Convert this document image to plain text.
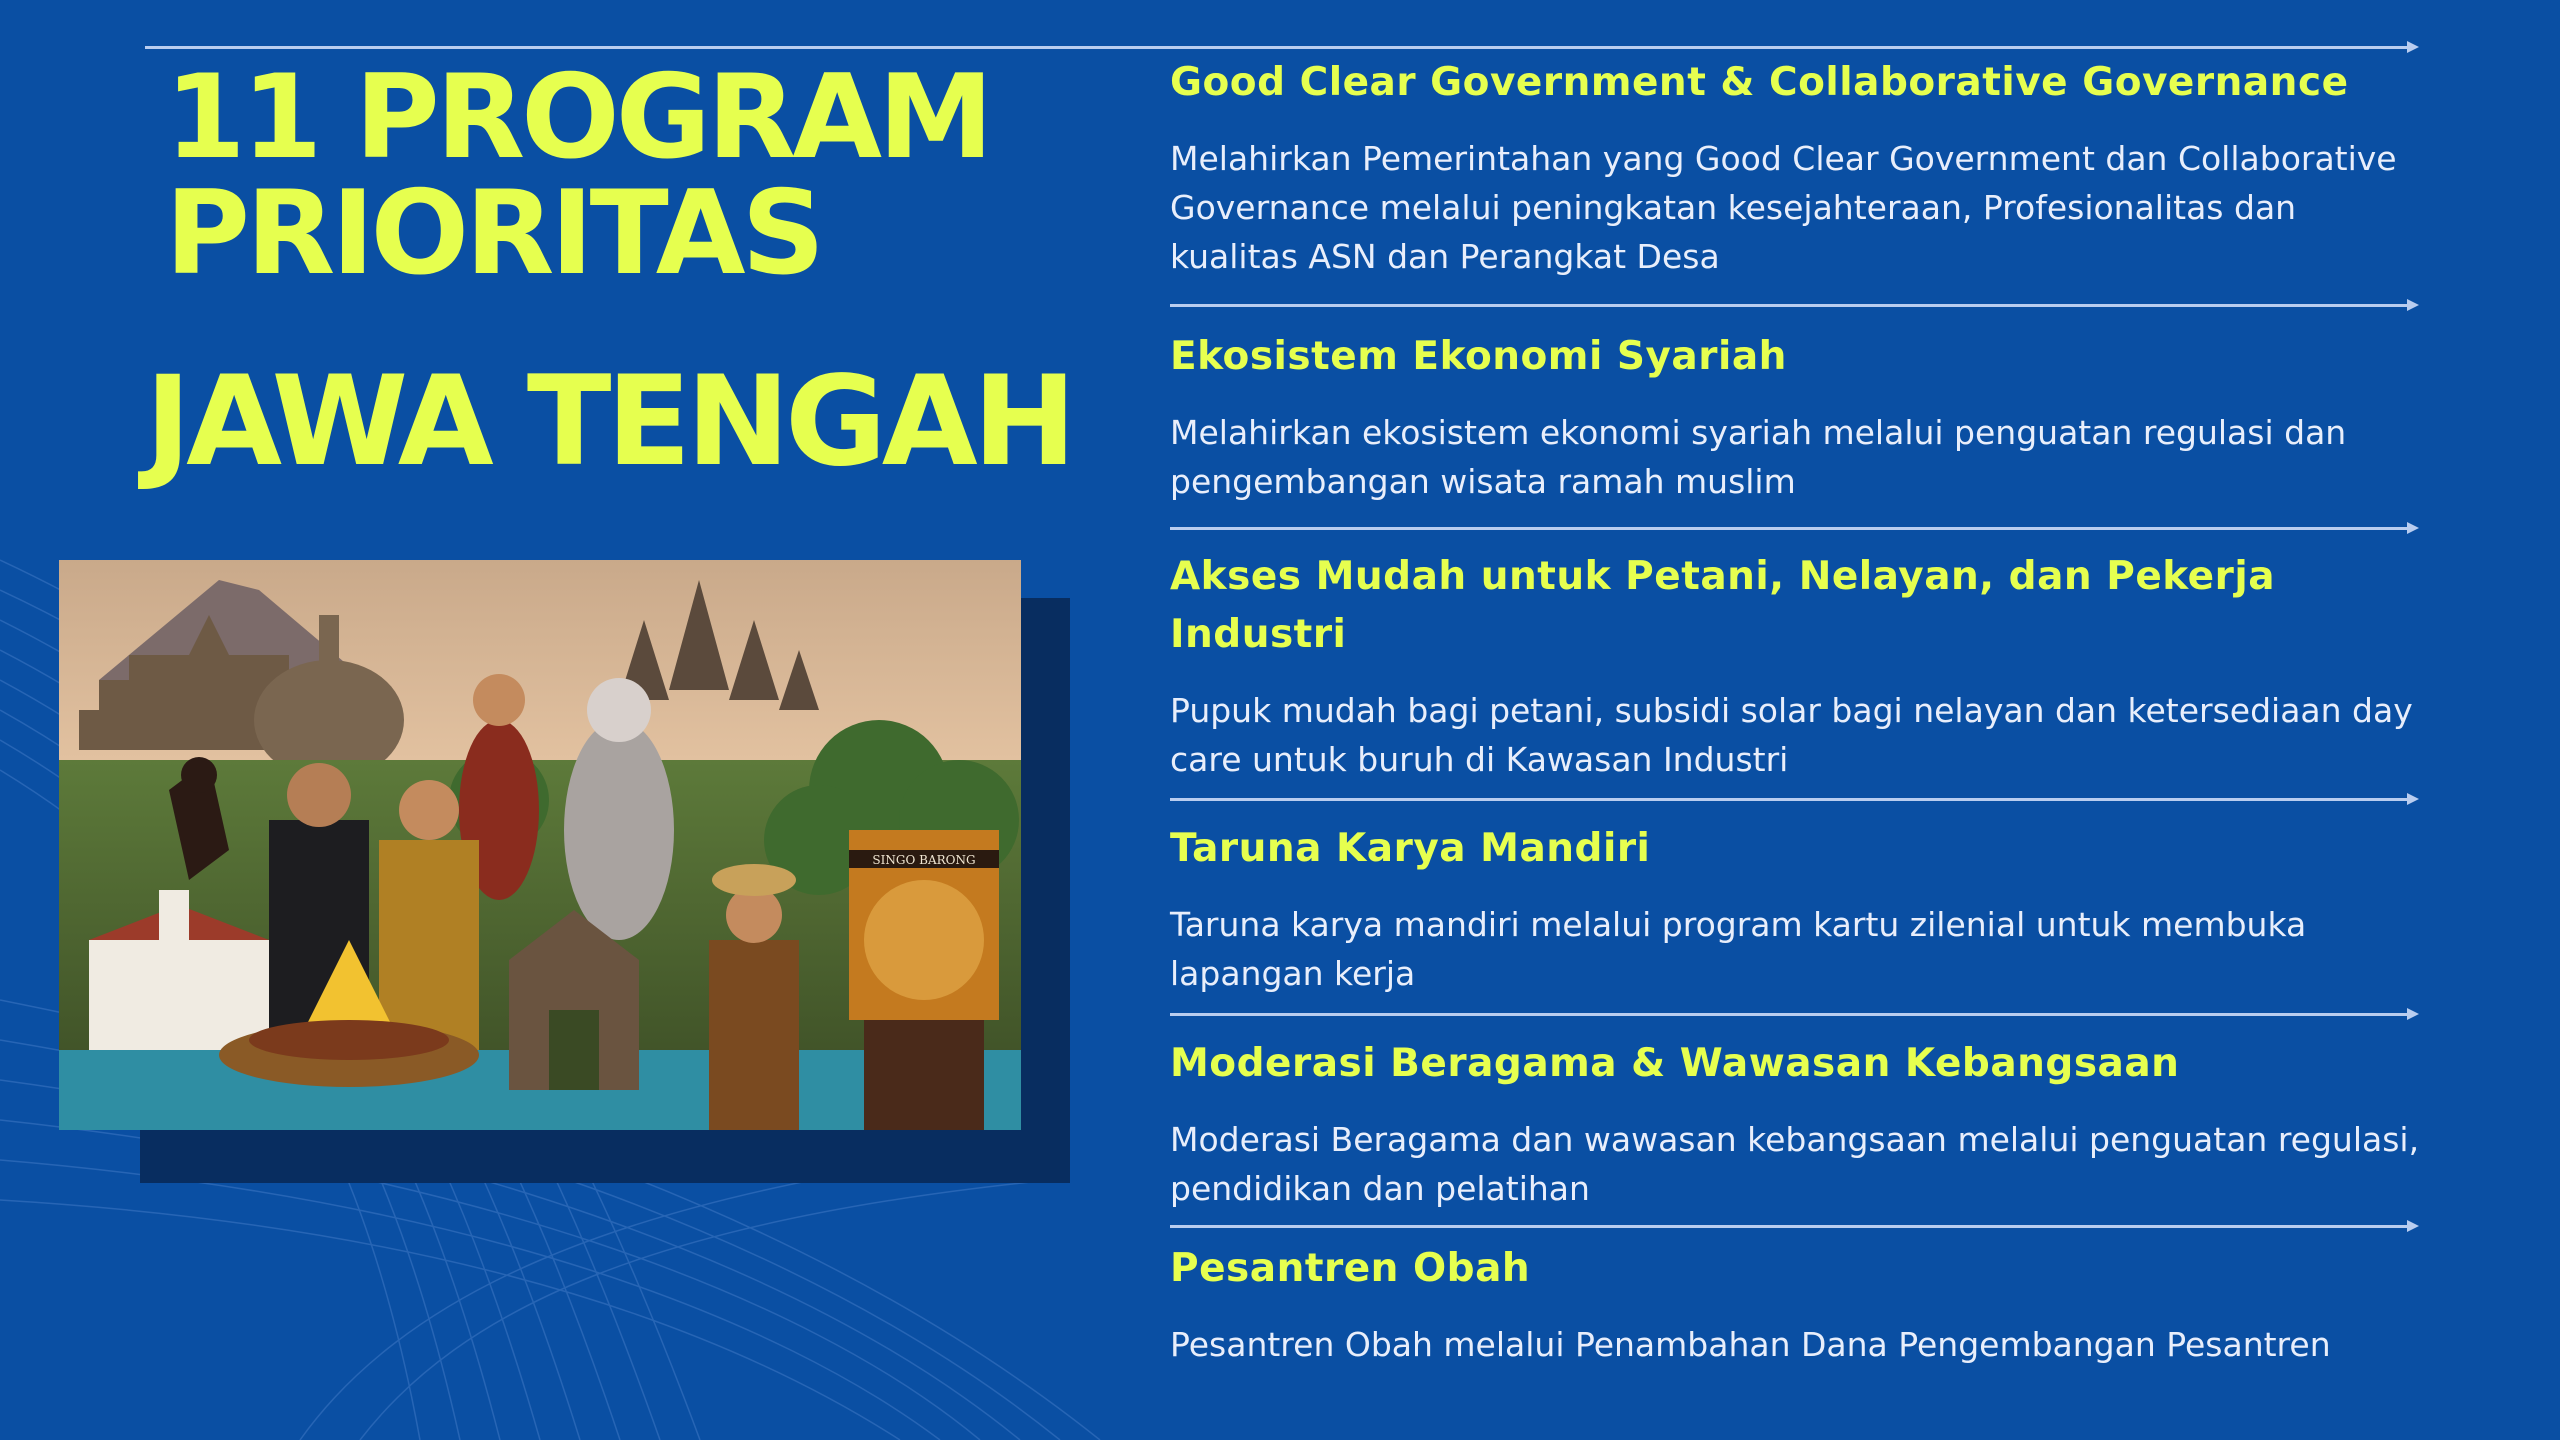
11 PROGRAM
PRIORITAS
JAWA TENGAH
SINGO BARONG
Good Clear Government & Collaborative Governance

Melahirkan Pemerintahan yang Good Clear Government dan Collaborative Governance melalui peningkatan kesejahteraan, Profesionalitas dan kualitas ASN dan Perangkat Desa

Ekosistem Ekonomi Syariah

Melahirkan ekosistem ekonomi syariah melalui penguatan regulasi dan pengembangan wisata ramah muslim

Akses Mudah untuk Petani, Nelayan, dan Pekerja Industri

Pupuk mudah bagi petani, subsidi solar bagi nelayan dan ketersediaan day care untuk buruh di Kawasan Industri

Taruna Karya Mandiri

Taruna karya mandiri melalui program kartu zilenial untuk membuka lapangan kerja

Moderasi Beragama & Wawasan Kebangsaan

Moderasi Beragama dan wawasan kebangsaan melalui penguatan regulasi, pendidikan dan pelatihan

Pesantren Obah

Pesantren Obah melalui Penambahan Dana Pengembangan Pesantren
